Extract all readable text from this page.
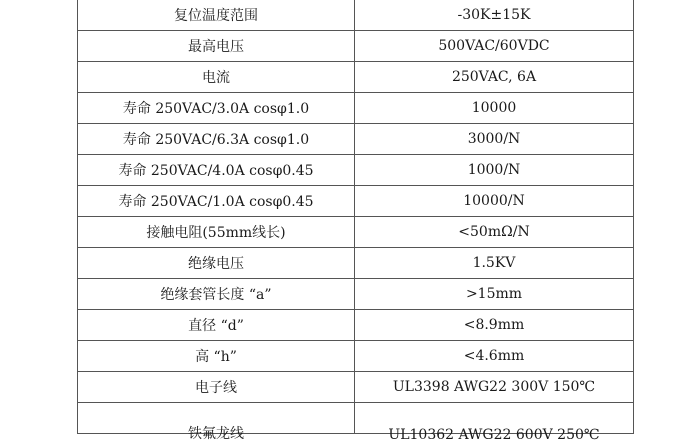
复位温度范围	-30K±15K
最高电压	500VAC/60VDC
电流	250VAC, 6A
寿命 250VAC/3.0A cosφ1.0	10000
寿命 250VAC/6.3A cosφ1.0	3000/N
寿命 250VAC/4.0A cosφ0.45	1000/N
寿命 250VAC/1.0A cosφ0.45	10000/N
接触电阻(55mm线长)	<50mΩ/N
绝缘电压	1.5KV
绝缘套管长度 “a”	>15mm
直径 “d”	<8.9mm
高 “h”	<4.6mm
电子线	UL3398 AWG22 300V 150℃
铁氟龙线	UL10362 AWG22 600V 250℃
